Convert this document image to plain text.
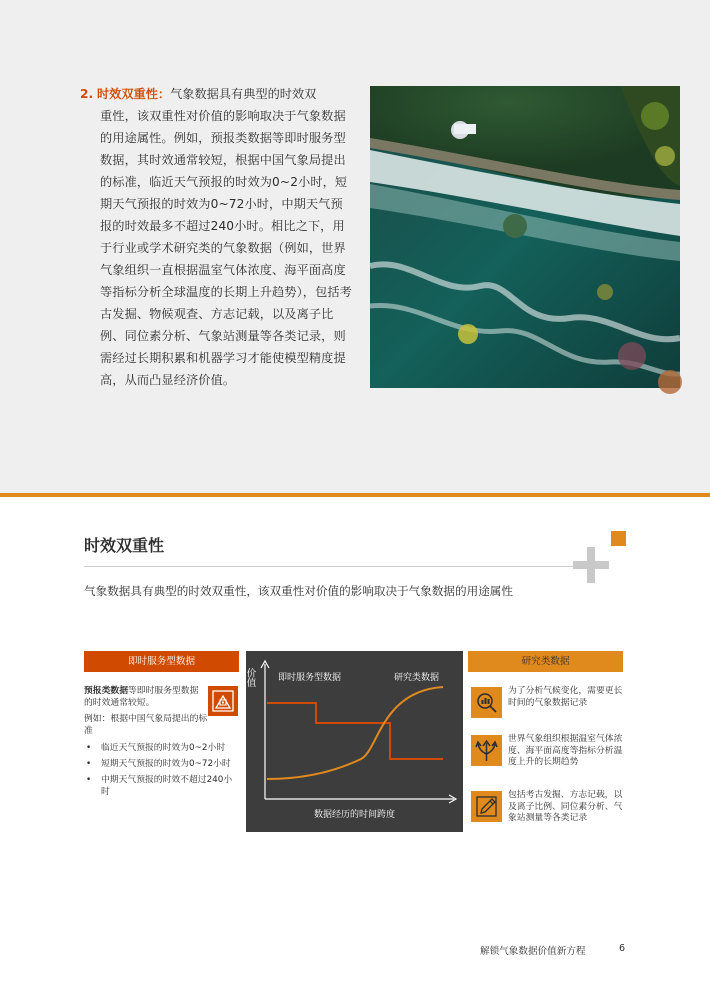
2. 时效双重性：气象数据具有典型的时效双
重性，该双重性对价值的影响取决于气象数据的用途属性。例如，预报类数据等即时服务型数据，其时效通常较短，根据中国气象局提出的标准，临近天气预报的时效为0~2小时，短期天气预报的时效为0~72小时，中期天气预报的时效最多不超过240小时。相比之下，用于行业或学术研究类的气象数据（例如，世界气象组织一直根据温室气体浓度、海平面高度等指标分析全球温度的长期上升趋势），包括考古发掘、物候观查、方志记载，以及离子比例、同位素分析、气象站测量等各类记录，则需经过长期积累和机器学习才能使模型精度提高，从而凸显经济价值。
时效双重性
气象数据具有典型的时效双重性，该双重性对价值的影响取决于气象数据的用途属性
即时服务型数据
预报类数据等即时服务型数据的时效通常较短。
例如：根据中国气象局提出的标准
• 临近天气预报的时效为0~2小时
• 短期天气预报的时效为0~72小时
• 中期天气预报的时效不超过240小时
价值	即时服务型数据	研究类数据
数据经历的时间跨度
研究类数据
为了分析气候变化，需要更长时间的气象数据记录
世界气象组织根据温室气体浓度、海平面高度等指标分析温度上升的长期趋势
包括考古发掘、方志记载，以及离子比例、同位素分析、气象站测量等各类记录
解锁气象数据价值新方程	6
